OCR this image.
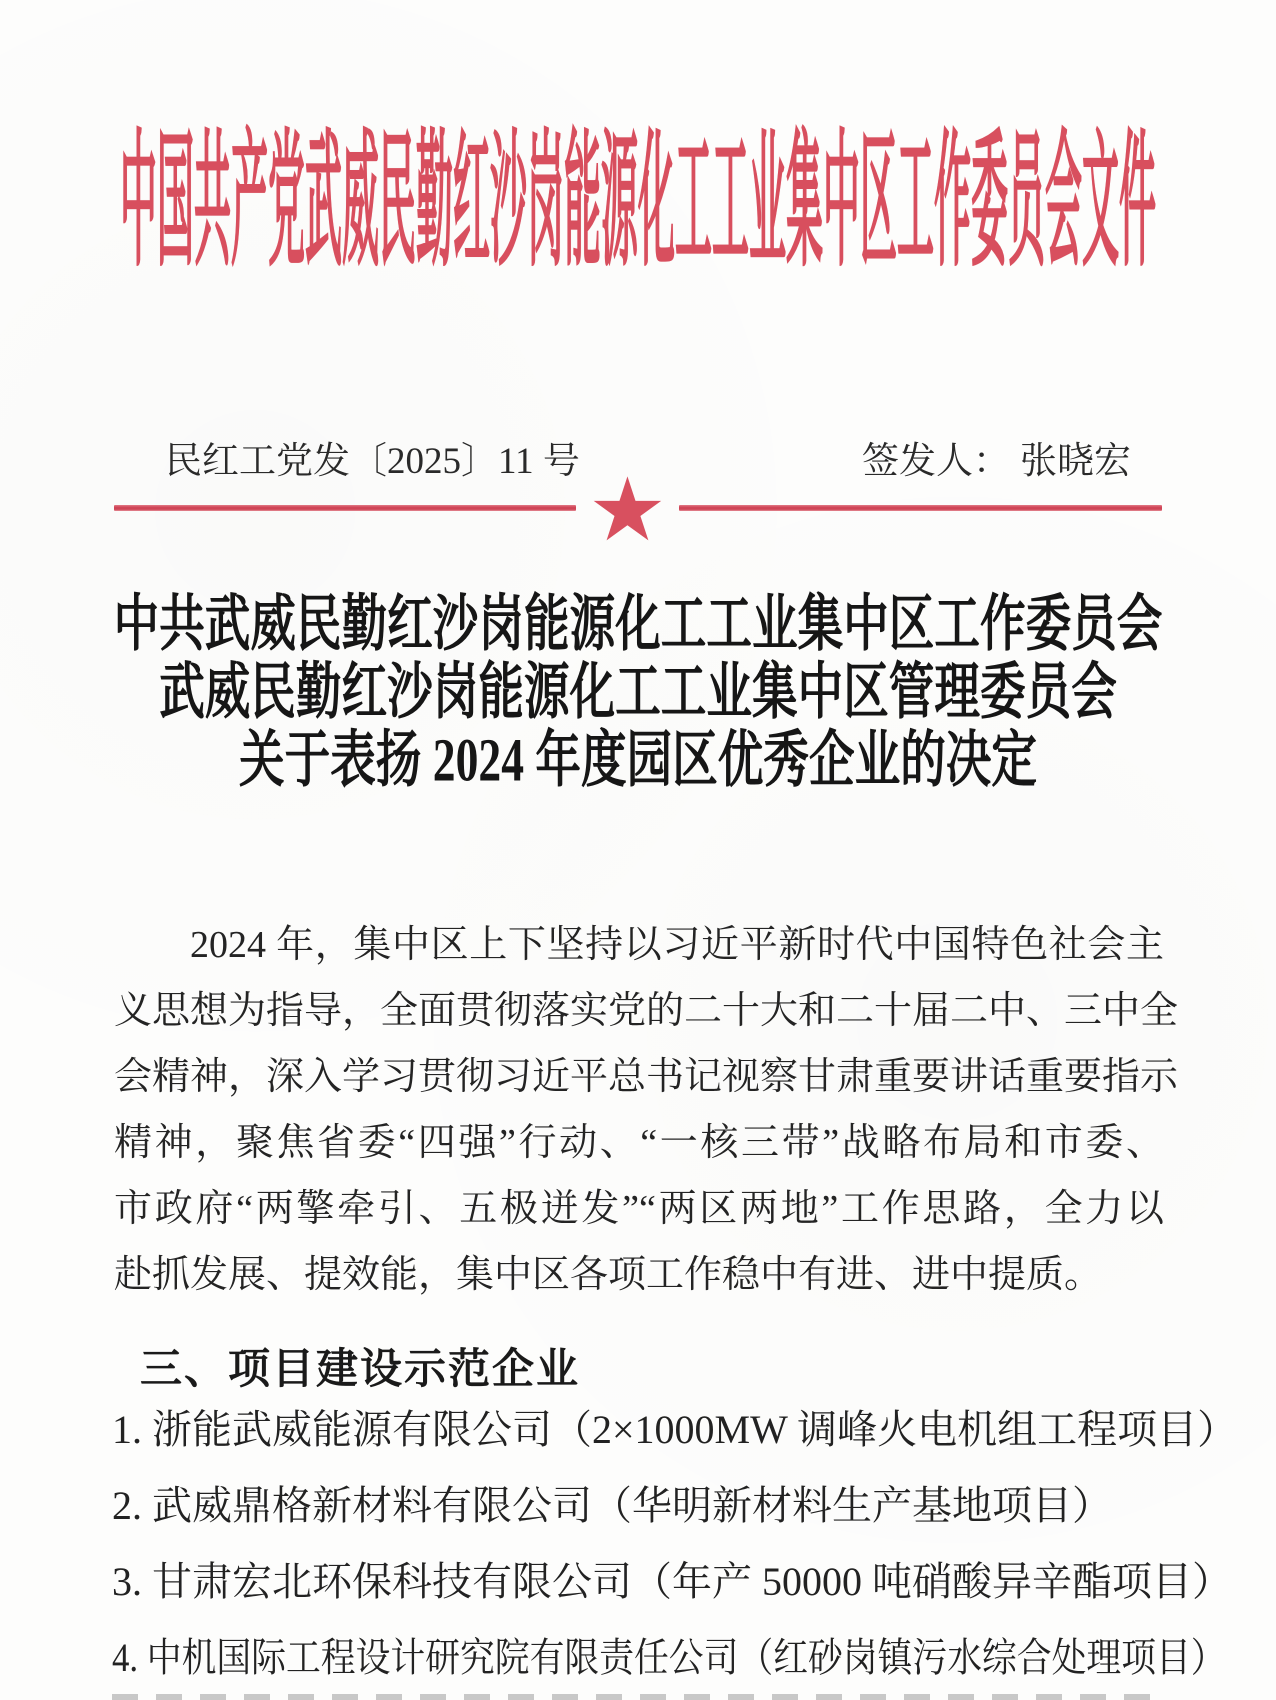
中国共产党武威民勤红沙岗能源化工工业集中区工作委员会文件
民红工党发〔2025〕11 号	签发人： 张晓宏
★
中共武威民勤红沙岗能源化工工业集中区工作委员会
武威民勤红沙岗能源化工工业集中区管理委员会
关于表扬 2024 年度园区优秀企业的决定
2024 年，集中区上下坚持以习近平新时代中国特色社会主
义思想为指导，全面贯彻落实党的二十大和二十届二中、三中全
会精神，深入学习贯彻习近平总书记视察甘肃重要讲话重要指示
精神，聚焦省委“四强”行动、“一核三带”战略布局和市委、
市政府“两擎牵引、五极迸发”“两区两地”工作思路，全力以
赴抓发展、提效能，集中区各项工作稳中有进、进中提质。
三、项目建设示范企业
1. 浙能武威能源有限公司（2×1000MW 调峰火电机组工程项目）
2. 武威鼎格新材料有限公司（华明新材料生产基地项目）
3. 甘肃宏北环保科技有限公司（年产 50000 吨硝酸异辛酯项目）
4. 中机国际工程设计研究院有限责任公司（红砂岗镇污水综合处理项目）
